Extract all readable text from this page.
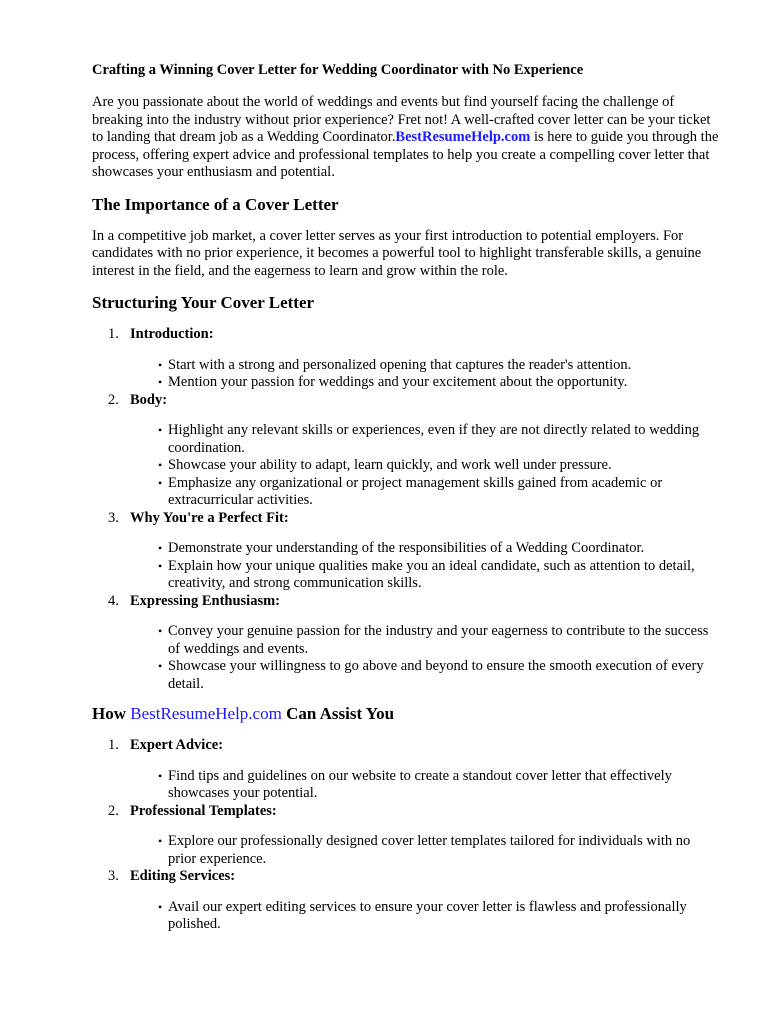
Crafting a Winning Cover Letter for Wedding Coordinator with No Experience

Are you passionate about the world of weddings and events but find yourself facing the challenge of breaking into the industry without prior experience? Fret not! A well-crafted cover letter can be your ticket to landing that dream job as a Wedding Coordinator.BestResumeHelp.com is here to guide you through the process, offering expert advice and professional templates to help you create a compelling cover letter that showcases your enthusiasm and potential.

The Importance of a Cover Letter

In a competitive job market, a cover letter serves as your first introduction to potential employers. For candidates with no prior experience, it becomes a powerful tool to highlight transferable skills, a genuine interest in the field, and the eagerness to learn and grow within the role.

Structuring Your Cover Letter
1. Introduction:
• Start with a strong and personalized opening that captures the reader's attention.
• Mention your passion for weddings and your excitement about the opportunity.
2. Body:
• Highlight any relevant skills or experiences, even if they are not directly related to wedding coordination.
• Showcase your ability to adapt, learn quickly, and work well under pressure.
• Emphasize any organizational or project management skills gained from academic or extracurricular activities.
3. Why You're a Perfect Fit:
• Demonstrate your understanding of the responsibilities of a Wedding Coordinator.
• Explain how your unique qualities make you an ideal candidate, such as attention to detail, creativity, and strong communication skills.
4. Expressing Enthusiasm:
• Convey your genuine passion for the industry and your eagerness to contribute to the success of weddings and events.
• Showcase your willingness to go above and beyond to ensure the smooth execution of every detail.
How BestResumeHelp.com Can Assist You
1. Expert Advice:
• Find tips and guidelines on our website to create a standout cover letter that effectively showcases your potential.
2. Professional Templates:
• Explore our professionally designed cover letter templates tailored for individuals with no prior experience.
3. Editing Services:
• Avail our expert editing services to ensure your cover letter is flawless and professionally polished.
